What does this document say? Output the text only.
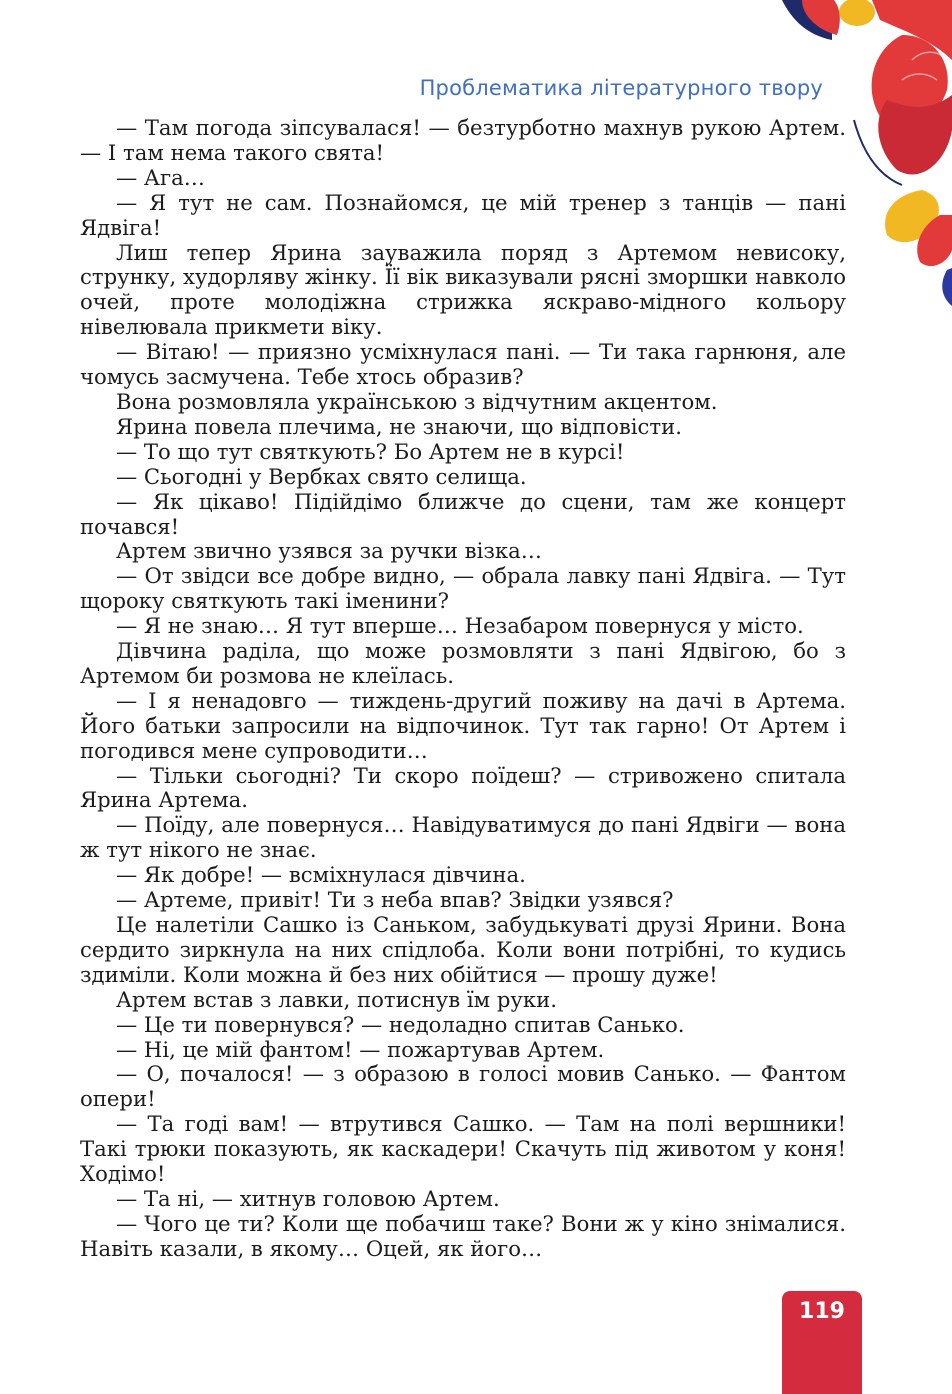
Проблематика літературного твору

— Там погода зіпсувалася! — безтурботно махнув рукою Артем. — І там нема такого свята!

— Ага…

— Я тут не сам. Познайомся, це мій тренер з танців — пані Ядвіга!

Лиш тепер Ярина зауважила поряд з Артемом невисоку, струнку, худорляву жінку. Її вік виказували рясні зморшки навколо очей, проте молодіжна стрижка яскраво-мідного кольору нівелювала прикмети віку.

— Вітаю! — приязно усміхнулася пані. — Ти така гарнюня, але чомусь засмучена. Тебе хтось образив?

Вона розмовляла українською з відчутним акцентом.

Ярина повела плечима, не знаючи, що відповісти.

— То що тут святкують? Бо Артем не в курсі!

— Сьогодні у Вербках свято селища.

— Як цікаво! Підійдімо ближче до сцени, там же концерт почався!

Артем звично узявся за ручки візка…

— От звідси все добре видно, — обрала лавку пані Ядвіга. — Тут щороку святкують такі іменини?

— Я не знаю… Я тут вперше… Незабаром повернуся у місто.

Дівчина раділа, що може розмовляти з пані Ядвігою, бо з Артемом би розмова не клеїлась.

— І я ненадовго — тиждень-другий поживу на дачі в Артема. Його батьки запросили на відпочинок. Тут так гарно! От Артем і погодився мене супроводити…

— Тільки сьогодні? Ти скоро поїдеш? — стривожено спитала Ярина Артема.

— Поїду, але повернуся… Навідуватимуся до пані Ядвіги — вона ж тут нікого не знає.

— Як добре! — всміхнулася дівчина.

— Артеме, привіт! Ти з неба впав? Звідки узявся?

Це налетіли Сашко із Саньком, забудькуваті друзі Ярини. Вона сердито зиркнула на них спідлоба. Коли вони потрібні, то кудись здиміли. Коли можна й без них обійтися — прошу дуже!

Артем встав з лавки, потиснув їм руки.

— Це ти повернувся? — недоладно спитав Санько.

— Ні, це мій фантом! — пожартував Артем.

— О, почалося! — з образою в голосі мовив Санько. — Фантом опери!

— Та годі вам! — втрутився Сашко. — Там на полі вершники! Такі трюки показують, як каскадери! Скачуть під животом у коня! Ходімо!

— Та ні, — хитнув головою Артем.

— Чого це ти? Коли ще побачиш таке? Вони ж у кіно знімалися. Навіть казали, в якому… Оцей, як його…

119
